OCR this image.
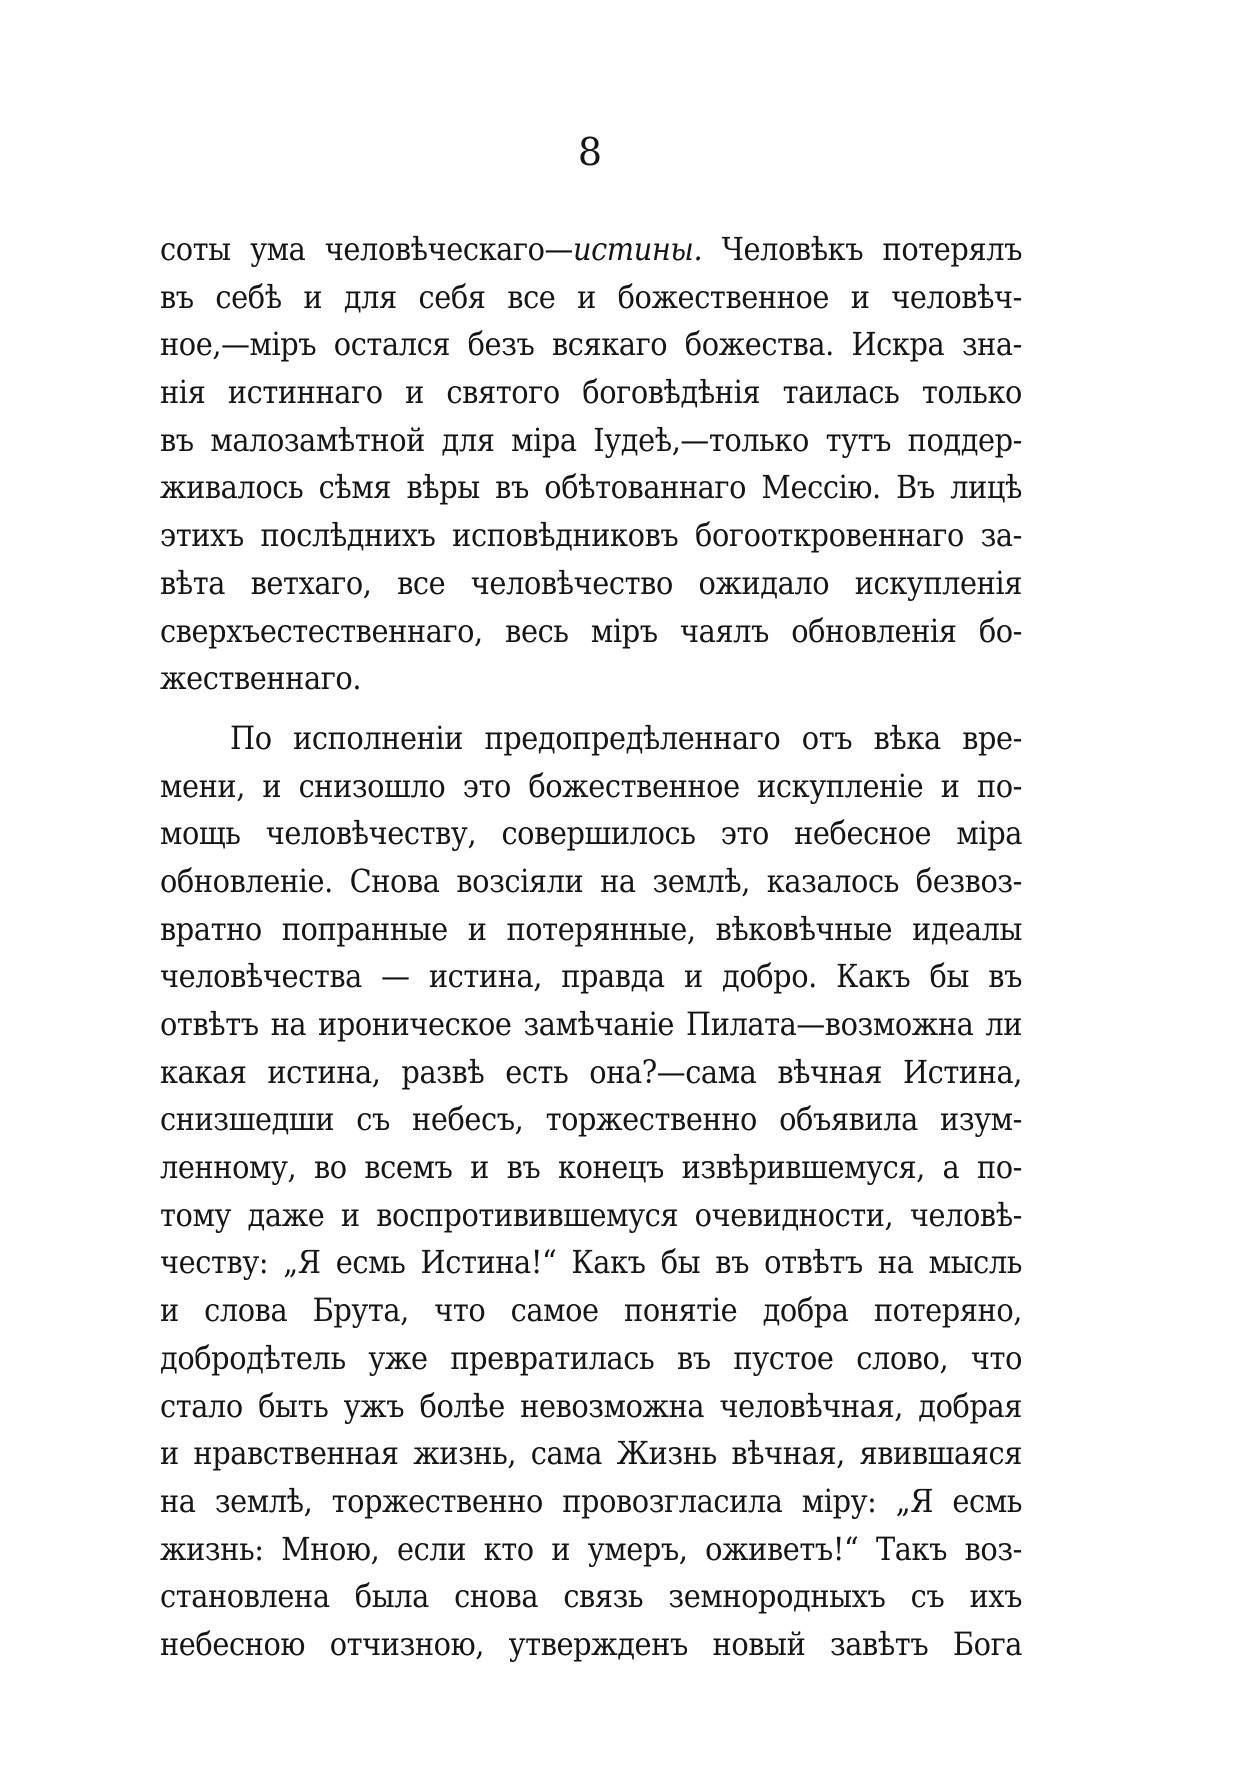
8
соты ума человѣческаго—истины. Человѣкъ потерялъ
въ себѣ и для себя все и божественное и человѣч-
ное,—міръ остался безъ всякаго божества. Искра зна-
нія истиннаго и святого боговѣдѣнія таилась только
въ малозамѣтной для міра Іудеѣ,—только тутъ поддер-
живалось сѣмя вѣры въ обѣтованнаго Мессію. Въ лицѣ
этихъ послѣднихъ исповѣдниковъ богооткровеннаго за-
вѣта ветхаго, все человѣчество ожидало искупленія
сверхъестественнаго, весь міръ чаялъ обновленія бо-
жественнаго.
По исполненіи предопредѣленнаго отъ вѣка вре-
мени, и снизошло это божественное искупленіе и по-
мощь человѣчеству, совершилось это небесное міра
обновленіе. Снова возсіяли на землѣ, казалось безвоз-
вратно попранные и потерянные, вѣковѣчные идеалы
человѣчества — истина, правда и добро. Какъ бы въ
отвѣтъ на ироническое замѣчаніе Пилата—возможна ли
какая истина, развѣ есть она?—сама вѣчная Истина,
снизшедши съ небесъ, торжественно объявила изум-
ленному, во всемъ и въ конецъ извѣрившемуся, а по-
тому даже и воспротивившемуся очевидности, человѣ-
честву: „Я есмь Истина!“ Какъ бы въ отвѣтъ на мысль
и слова Брута, что самое понятіе добра потеряно,
добродѣтель уже превратилась въ пустое слово, что
стало быть ужъ болѣе невозможна человѣчная, добрая
и нравственная жизнь, сама Жизнь вѣчная, явившаяся
на землѣ, торжественно провозгласила міру: „Я есмь
жизнь: Мною, если кто и умеръ, оживетъ!“ Такъ воз-
становлена была снова связь земнородныхъ съ ихъ
небесною отчизною, утвержденъ новый завѣтъ Бога
